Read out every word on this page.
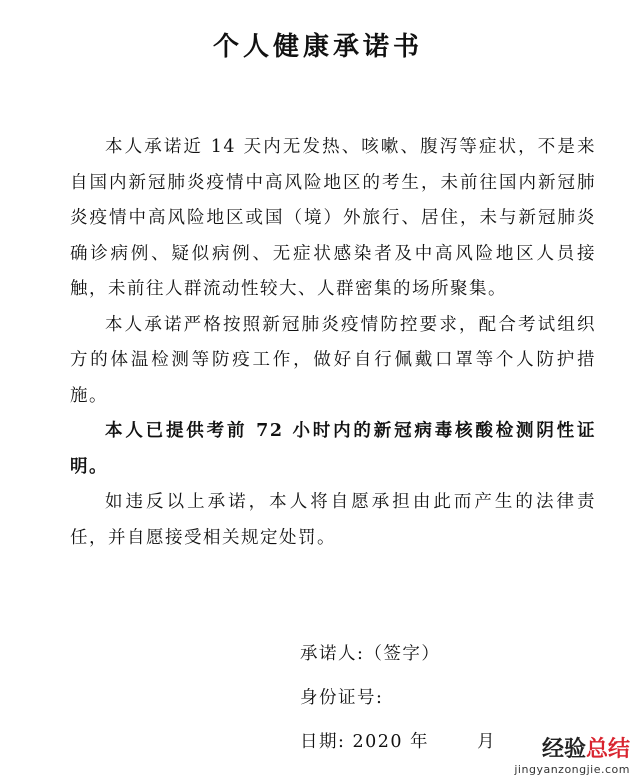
个人健康承诺书

本人承诺近 14 天内无发热、咳嗽、腹泻等症状，不是来自国内新冠肺炎疫情中高风险地区的考生，未前往国内新冠肺炎疫情中高风险地区或国（境）外旅行、居住，未与新冠肺炎确诊病例、疑似病例、无症状感染者及中高风险地区人员接触，未前往人群流动性较大、人群密集的场所聚集。

本人承诺严格按照新冠肺炎疫情防控要求，配合考试组织方的体温检测等防疫工作，做好自行佩戴口罩等个人防护措施。

本人已提供考前 72 小时内的新冠病毒核酸检测阴性证明。

如违反以上承诺，本人将自愿承担由此而产生的法律责任，并自愿接受相关规定处罚。

承诺人:（签字）
身份证号:
日期: 2020 年	月	经验总结
jingyanzongjie.com
